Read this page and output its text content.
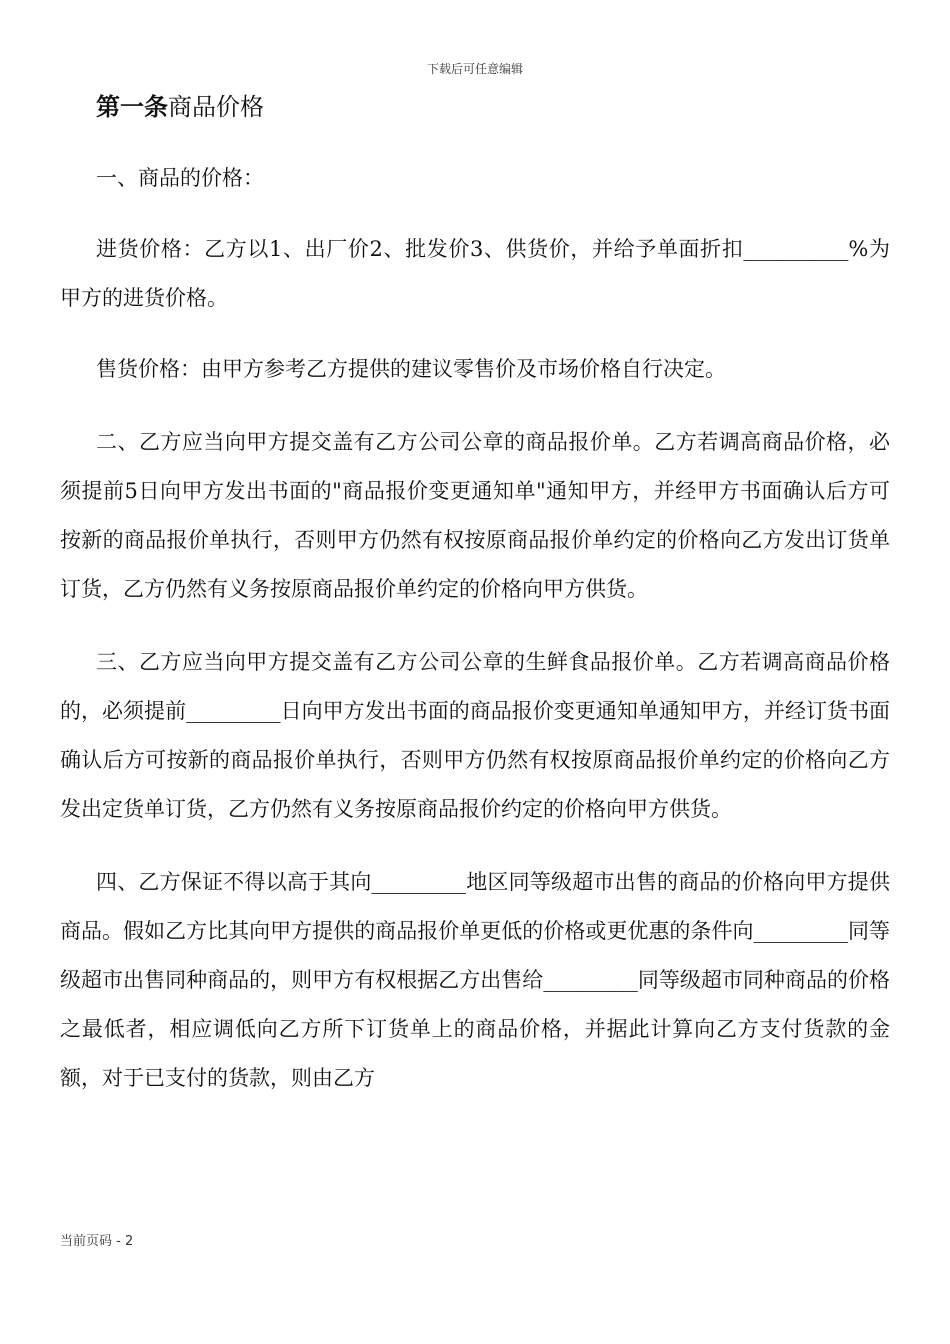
下载后可任意编辑
第一条商品价格

一、商品的价格：

进货价格：乙方以1、出厂价2、批发价3、供货价，并给予单面折扣__________%为甲方的进货价格。

售货价格：由甲方参考乙方提供的建议零售价及市场价格自行决定。

二、乙方应当向甲方提交盖有乙方公司公章的商品报价单。乙方若调高商品价格，必须提前5日向甲方发出书面的"商品报价变更通知单"通知甲方，并经甲方书面确认后方可按新的商品报价单执行，否则甲方仍然有权按原商品报价单约定的价格向乙方发出订货单订货，乙方仍然有义务按原商品报价单约定的价格向甲方供货。

三、乙方应当向甲方提交盖有乙方公司公章的生鲜食品报价单。乙方若调高商品价格的，必须提前_________日向甲方发出书面的商品报价变更通知单通知甲方，并经订货书面确认后方可按新的商品报价单执行，否则甲方仍然有权按原商品报价单约定的价格向乙方发出定货单订货，乙方仍然有义务按原商品报价约定的价格向甲方供货。

四、乙方保证不得以高于其向_________地区同等级超市出售的商品的价格向甲方提供商品。假如乙方比其向甲方提供的商品报价单更低的价格或更优惠的条件向_________同等级超市出售同种商品的，则甲方有权根据乙方出售给_________同等级超市同种商品的价格之最低者，相应调低向乙方所下订货单上的商品价格，并据此计算向乙方支付货款的金额，对于已支付的货款，则由乙方

当前页码 - 2
